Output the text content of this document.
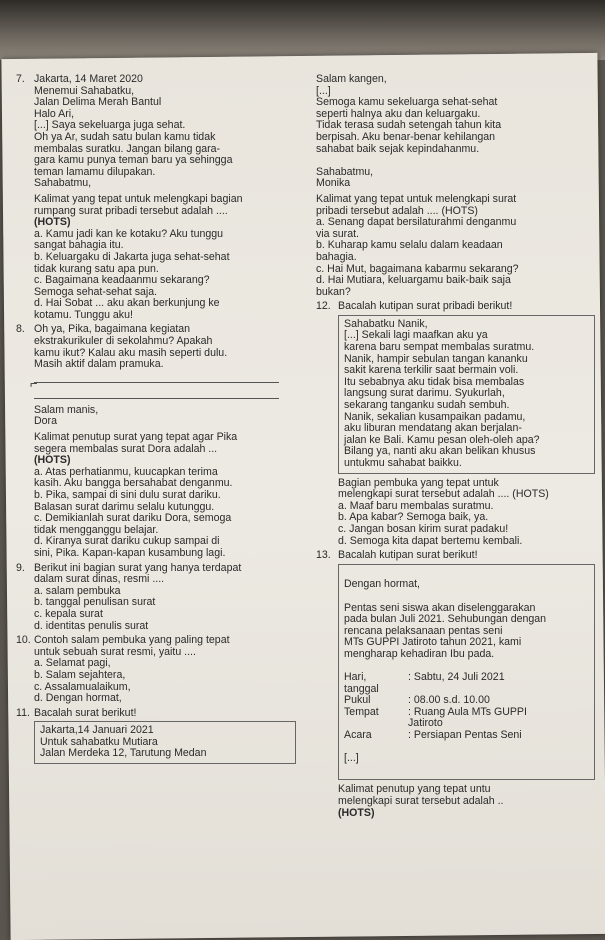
7. Jakarta, 14 Maret 2020
Menemui Sahabatku,
Jalan Delima Merah Bantul
Halo Ari,
[...] Saya sekeluarga juga sehat.
Oh ya Ar, sudah satu bulan kamu tidak
membalas suratku. Jangan bilang gara-
gara kamu punya teman baru ya sehingga
teman lamamu dilupakan.
Sahabatmu,
Kalimat yang tepat untuk melengkapi bagian
rumpang surat pribadi tersebut adalah ....
(HOTS)
a. Kamu jadi kan ke kotaku? Aku tunggu
sangat bahagia itu.
b. Keluargaku di Jakarta juga sehat-sehat
tidak kurang satu apa pun.
c. Bagaimana keadaanmu sekarang?
Semoga sehat-sehat saja.
d. Hai Sobat ... aku akan berkunjung ke
kotamu. Tunggu aku!
8. Oh ya, Pika, bagaimana kegiatan
ekstrakurikuler di sekolahmu? Apakah
kamu ikut? Kalau aku masih seperti dulu.
Masih aktif dalam pramuka.
Salam manis,
Dora
Kalimat penutup surat yang tepat agar Pika
segera membalas surat Dora adalah ...
(HOTS)
a. Atas perhatianmu, kuucapkan terima
kasih. Aku bangga bersahabat denganmu.
b. Pika, sampai di sini dulu surat dariku.
Balasan surat darimu selalu kutunggu.
c. Demikianlah surat dariku Dora, semoga
tidak mengganggu belajar.
d. Kiranya surat dariku cukup sampai di
sini, Pika. Kapan-kapan kusambung lagi.
9. Berikut ini bagian surat yang hanya terdapat
dalam surat dinas, resmi ....
a. salam pembuka
b. tanggal penulisan surat
c. kepala surat
d. identitas penulis surat
10. Contoh salam pembuka yang paling tepat
untuk sebuah surat resmi, yaitu ....
a. Selamat pagi,
b. Salam sejahtera,
c. Assalamualaikum,
d. Dengan hormat,
11. Bacalah surat berikut!
Jakarta,14 Januari 2021
Untuk sahabatku Mutiara
Jalan Merdeka 12, Tarutung Medan
Salam kangen,
[...]
Semoga kamu sekeluarga sehat-sehat
seperti halnya aku dan keluargaku.
Tidak terasa sudah setengah tahun kita
berpisah. Aku benar-benar kehilangan
sahabat baik sejak kepindahanmu.

Sahabatmu,
Monika
Kalimat yang tepat untuk melengkapi surat
pribadi tersebut adalah .... (HOTS)
a. Senang dapat bersilaturahmi denganmu
via surat.
b. Kuharap kamu selalu dalam keadaan
bahagia.
c. Hai Mut, bagaimana kabarmu sekarang?
d. Hai Mutiara, keluargamu baik-baik saja
bukan?
12. Bacalah kutipan surat pribadi berikut!
Sahabatku Nanik,
[...] Sekali lagi maafkan aku ya
karena baru sempat membalas suratmu.
Nanik, hampir sebulan tangan kananku
sakit karena terkilir saat bermain voli.
Itu sebabnya aku tidak bisa membalas
langsung surat darimu. Syukurlah,
sekarang tanganku sudah sembuh.
Nanik, sekalian kusampaikan padamu,
aku liburan mendatang akan berjalan-
jalan ke Bali. Kamu pesan oleh-oleh apa?
Bilang ya, nanti aku akan belikan khusus
untukmu sahabat baikku.
Bagian pembuka yang tepat untuk
melengkapi surat tersebut adalah .... (HOTS)
a. Maaf baru membalas suratmu.
b. Apa kabar? Semoga baik, ya.
c. Jangan bosan kirim surat padaku!
d. Semoga kita dapat bertemu kembali.
13. Bacalah kutipan surat berikut!

Dengan hormat,

Pentas seni siswa akan diselenggarakan
pada bulan Juli 2021. Sehubungan dengan
rencana pelaksanaan pentas seni
MTs GUPPI Jatiroto tahun 2021, kami
mengharap kehadiran Ibu pada.

Hari, tanggal
: Sabtu, 24 Juli 2021
Pukul	: 08.00 s.d. 10.00
Tempat	: Ruang Aula MTs GUPPI
Jatiroto
Acara	: Persiapan Pentas Seni

[...]

Kalimat penutup yang tepat untu
melengkapi surat tersebut adalah ..
(HOTS)
⌐
